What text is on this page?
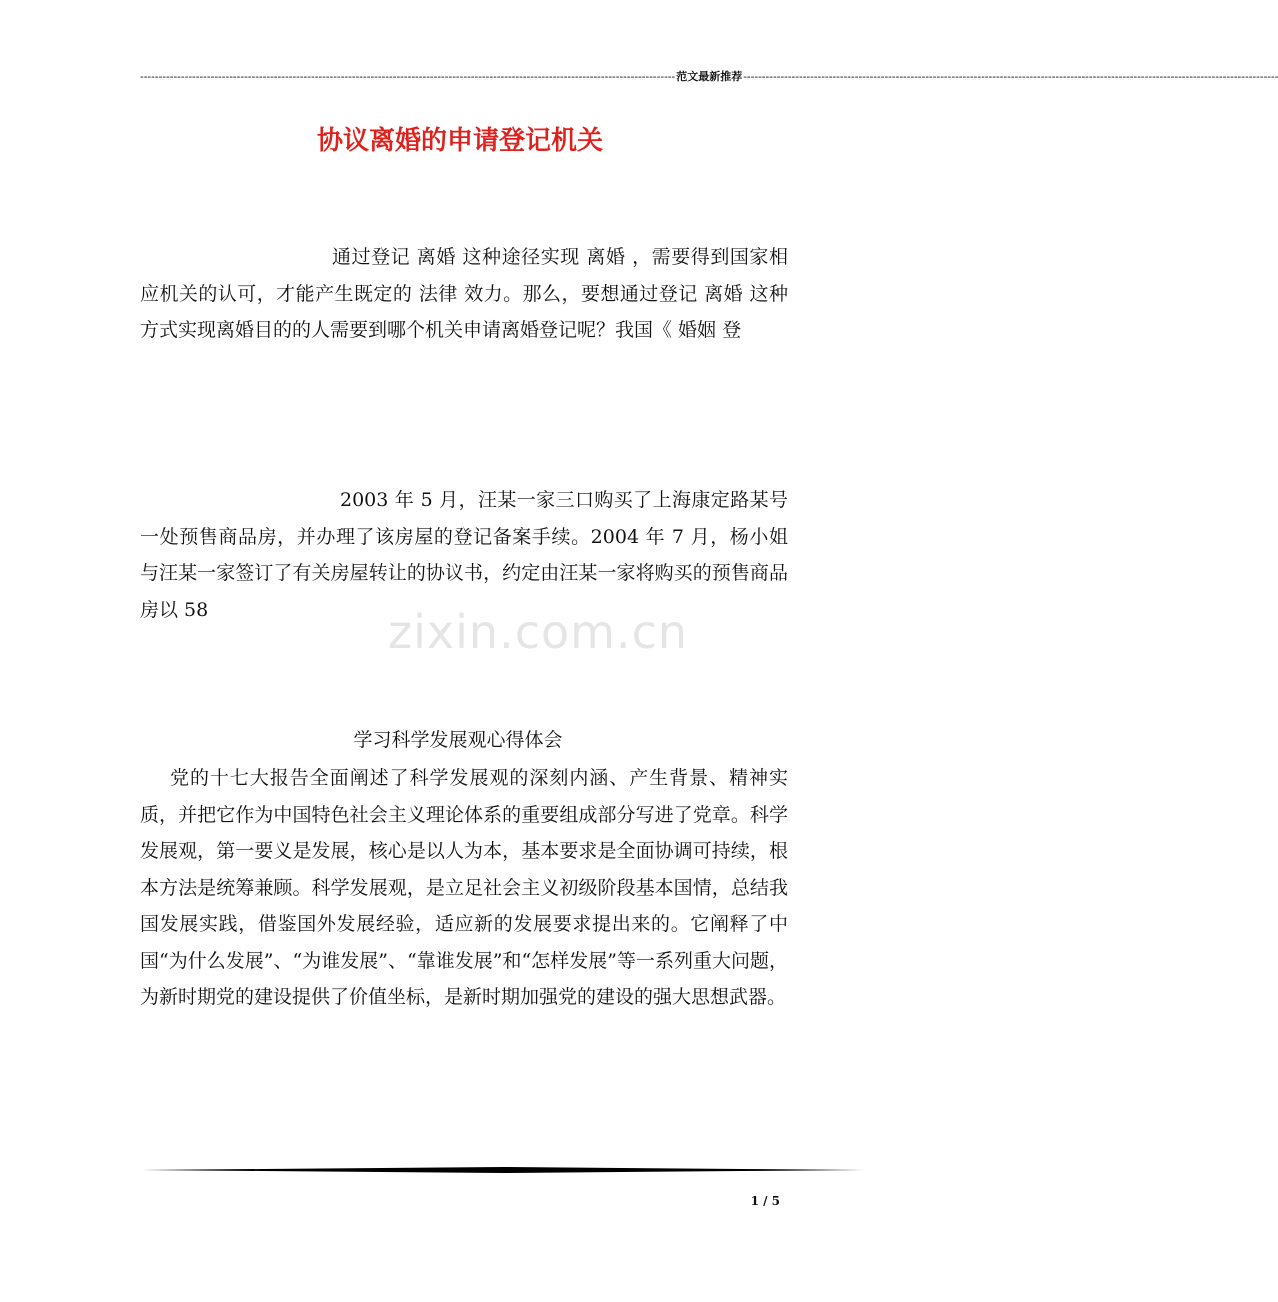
------------------------------------------------------------------------------------------------------------------------------------------------ 范文最新推荐 ------------------------------------------------------------------------------------------------------------------------------------------------
协议离婚的申请登记机关

通过登记 离婚 这种途径实现 离婚 ，需要得到国家相应机关的认可，才能产生既定的 法律 效力。那么，要想通过登记 离婚 这种方式实现离婚目的的人需要到哪个机关申请离婚登记呢？我国《 婚姻 登

2003 年 5 月，汪某一家三口购买了上海康定路某号一处预售商品房，并办理了该房屋的登记备案手续。2004 年 7 月，杨小姐与汪某一家签订了有关房屋转让的协议书，约定由汪某一家将购买的预售商品房以 58	zixin.com.cn
学习科学发展观心得体会

党的十七大报告全面阐述了科学发展观的深刻内涵、产生背景、精神实质，并把它作为中国特色社会主义理论体系的重要组成部分写进了党章。科学发展观，第一要义是发展，核心是以人为本，基本要求是全面协调可持续，根本方法是统筹兼顾。科学发展观，是立足社会主义初级阶段基本国情，总结我国发展实践，借鉴国外发展经验，适应新的发展要求提出来的。它阐释了中国“为什么发展”、“为谁发展”、“靠谁发展”和“怎样发展”等一系列重大问题，为新时期党的建设提供了价值坐标，是新时期加强党的建设的强大思想武器。

1 / 5
